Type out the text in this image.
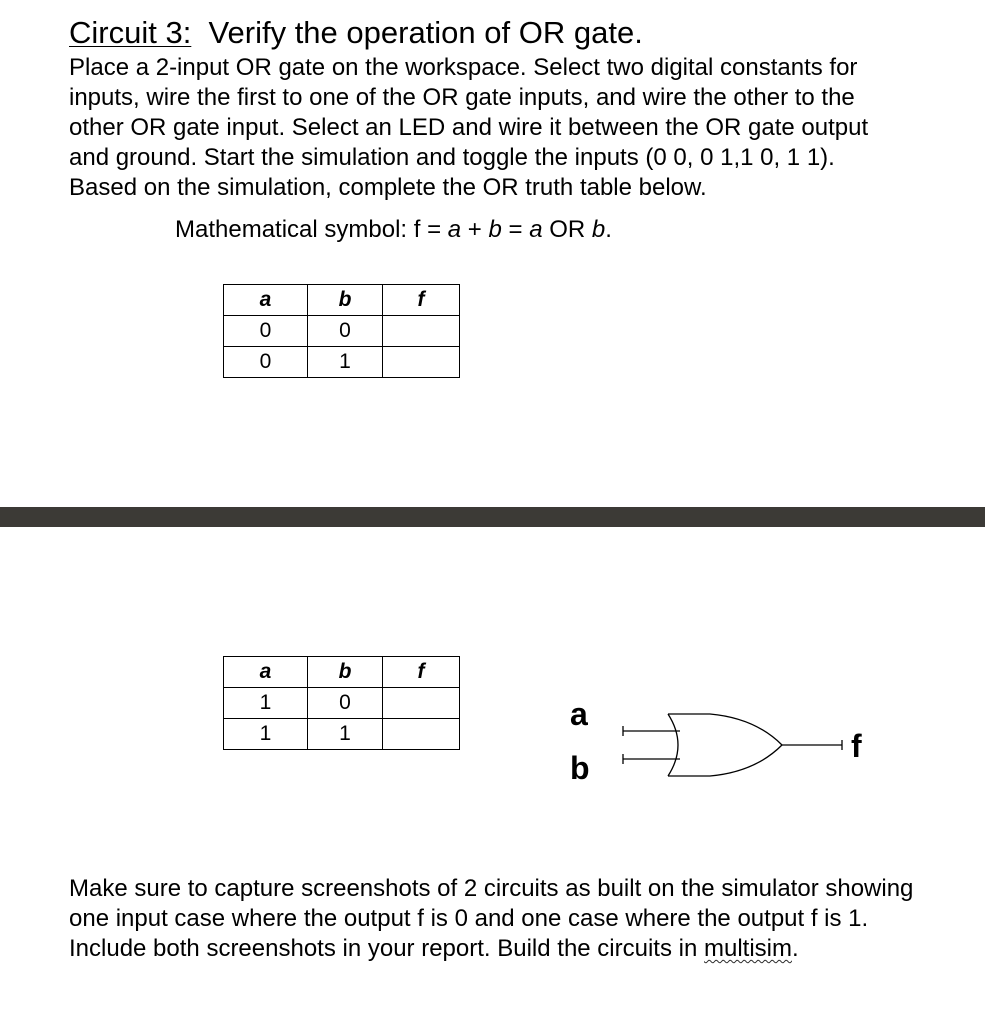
Circuit 3: Verify the operation of OR gate.
Place a 2-input OR gate on the workspace. Select two digital constants for
inputs, wire the first to one of the OR gate inputs, and wire the other to the
other OR gate input. Select an LED and wire it between the OR gate output
and ground. Start the simulation and toggle the inputs (0 0, 0 1,1 0, 1 1).
Based on the simulation, complete the OR truth table below.
Mathematical symbol: f = a + b = a OR b.
a	b	f
0	0	
0	1	
a	b	f
1	0	
1	1	
a
b
f
Make sure to capture screenshots of 2 circuits as built on the simulator showing one input case where the output f is 0 and one case where the output f is 1. Include both screenshots in your report. Build the circuits in multisim.
